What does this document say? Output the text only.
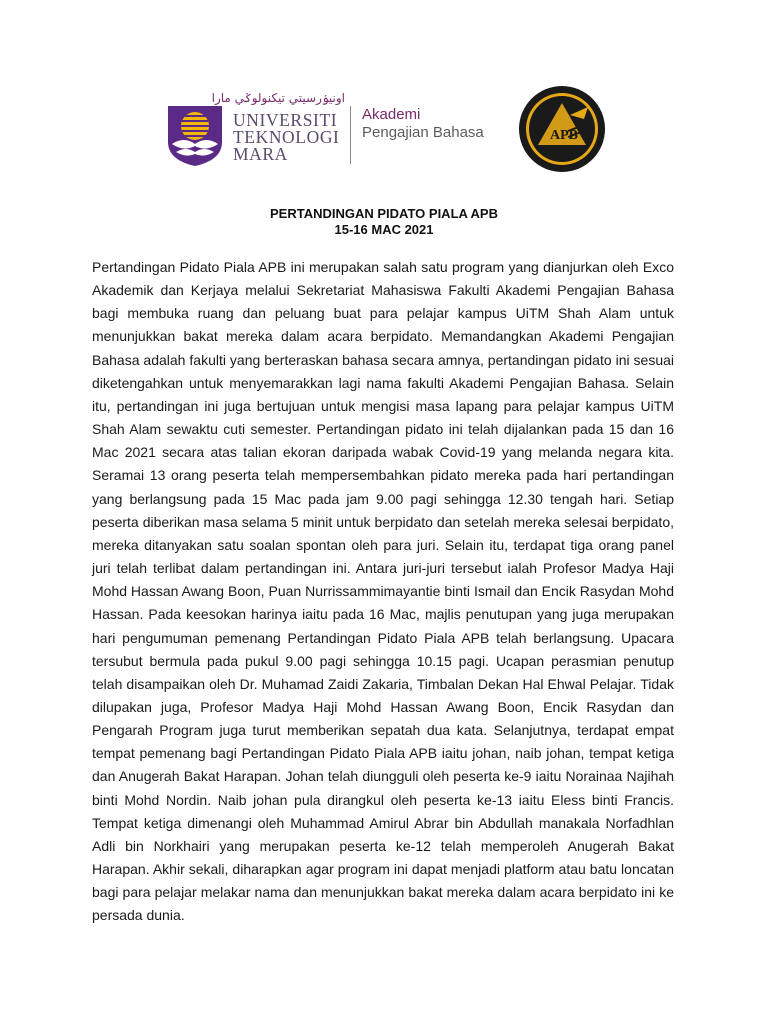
اونيۏرسيتي تيكنولوݢي مارا
UNIVERSITI
TEKNOLOGI
MARA
Akademi
Pengajian Bahasa	APB
PERTANDINGAN PIDATO PIALA APB
15-16 MAC 2021

Pertandingan Pidato Piala APB ini merupakan salah satu program yang dianjurkan oleh Exco Akademik dan Kerjaya melalui Sekretariat Mahasiswa Fakulti Akademi Pengajian Bahasa bagi membuka ruang dan peluang buat para pelajar kampus UiTM Shah Alam untuk menunjukkan bakat mereka dalam acara berpidato. Memandangkan Akademi Pengajian Bahasa adalah fakulti yang berteraskan bahasa secara amnya, pertandingan pidato ini sesuai diketengahkan untuk menyemarakkan lagi nama fakulti Akademi Pengajian Bahasa. Selain itu, pertandingan ini juga bertujuan untuk mengisi masa lapang para pelajar kampus UiTM Shah Alam sewaktu cuti semester. Pertandingan pidato ini telah dijalankan pada 15 dan 16 Mac 2021 secara atas talian ekoran daripada wabak Covid-19 yang melanda negara kita. Seramai 13 orang peserta telah mempersembahkan pidato mereka pada hari pertandingan yang berlangsung pada 15 Mac pada jam 9.00 pagi sehingga 12.30 tengah hari. Setiap peserta diberikan masa selama 5 minit untuk berpidato dan setelah mereka selesai berpidato, mereka ditanyakan satu soalan spontan oleh para juri. Selain itu, terdapat tiga orang panel juri telah terlibat dalam pertandingan ini. Antara juri-juri tersebut ialah Profesor Madya Haji Mohd Hassan Awang Boon, Puan Nurrissammimayantie binti Ismail dan Encik Rasydan Mohd Hassan. Pada keesokan harinya iaitu pada 16 Mac, majlis penutupan yang juga merupakan hari pengumuman pemenang Pertandingan Pidato Piala APB telah berlangsung. Upacara tersubut bermula pada pukul 9.00 pagi sehingga 10.15 pagi. Ucapan perasmian penutup telah disampaikan oleh Dr. Muhamad Zaidi Zakaria, Timbalan Dekan Hal Ehwal Pelajar. Tidak dilupakan juga, Profesor Madya Haji Mohd Hassan Awang Boon, Encik Rasydan dan Pengarah Program juga turut memberikan sepatah dua kata. Selanjutnya, terdapat empat tempat pemenang bagi Pertandingan Pidato Piala APB iaitu johan, naib johan, tempat ketiga dan Anugerah Bakat Harapan. Johan telah diungguli oleh peserta ke-9 iaitu Norainaa Najihah binti Mohd Nordin. Naib johan pula dirangkul oleh peserta ke-13 iaitu Eless binti Francis. Tempat ketiga dimenangi oleh Muhammad Amirul Abrar bin Abdullah manakala Norfadhlan Adli bin Norkhairi yang merupakan peserta ke-12 telah memperoleh Anugerah Bakat Harapan. Akhir sekali, diharapkan agar program ini dapat menjadi platform atau batu loncatan bagi para pelajar melakar nama dan menunjukkan bakat mereka dalam acara berpidato ini ke persada dunia.
